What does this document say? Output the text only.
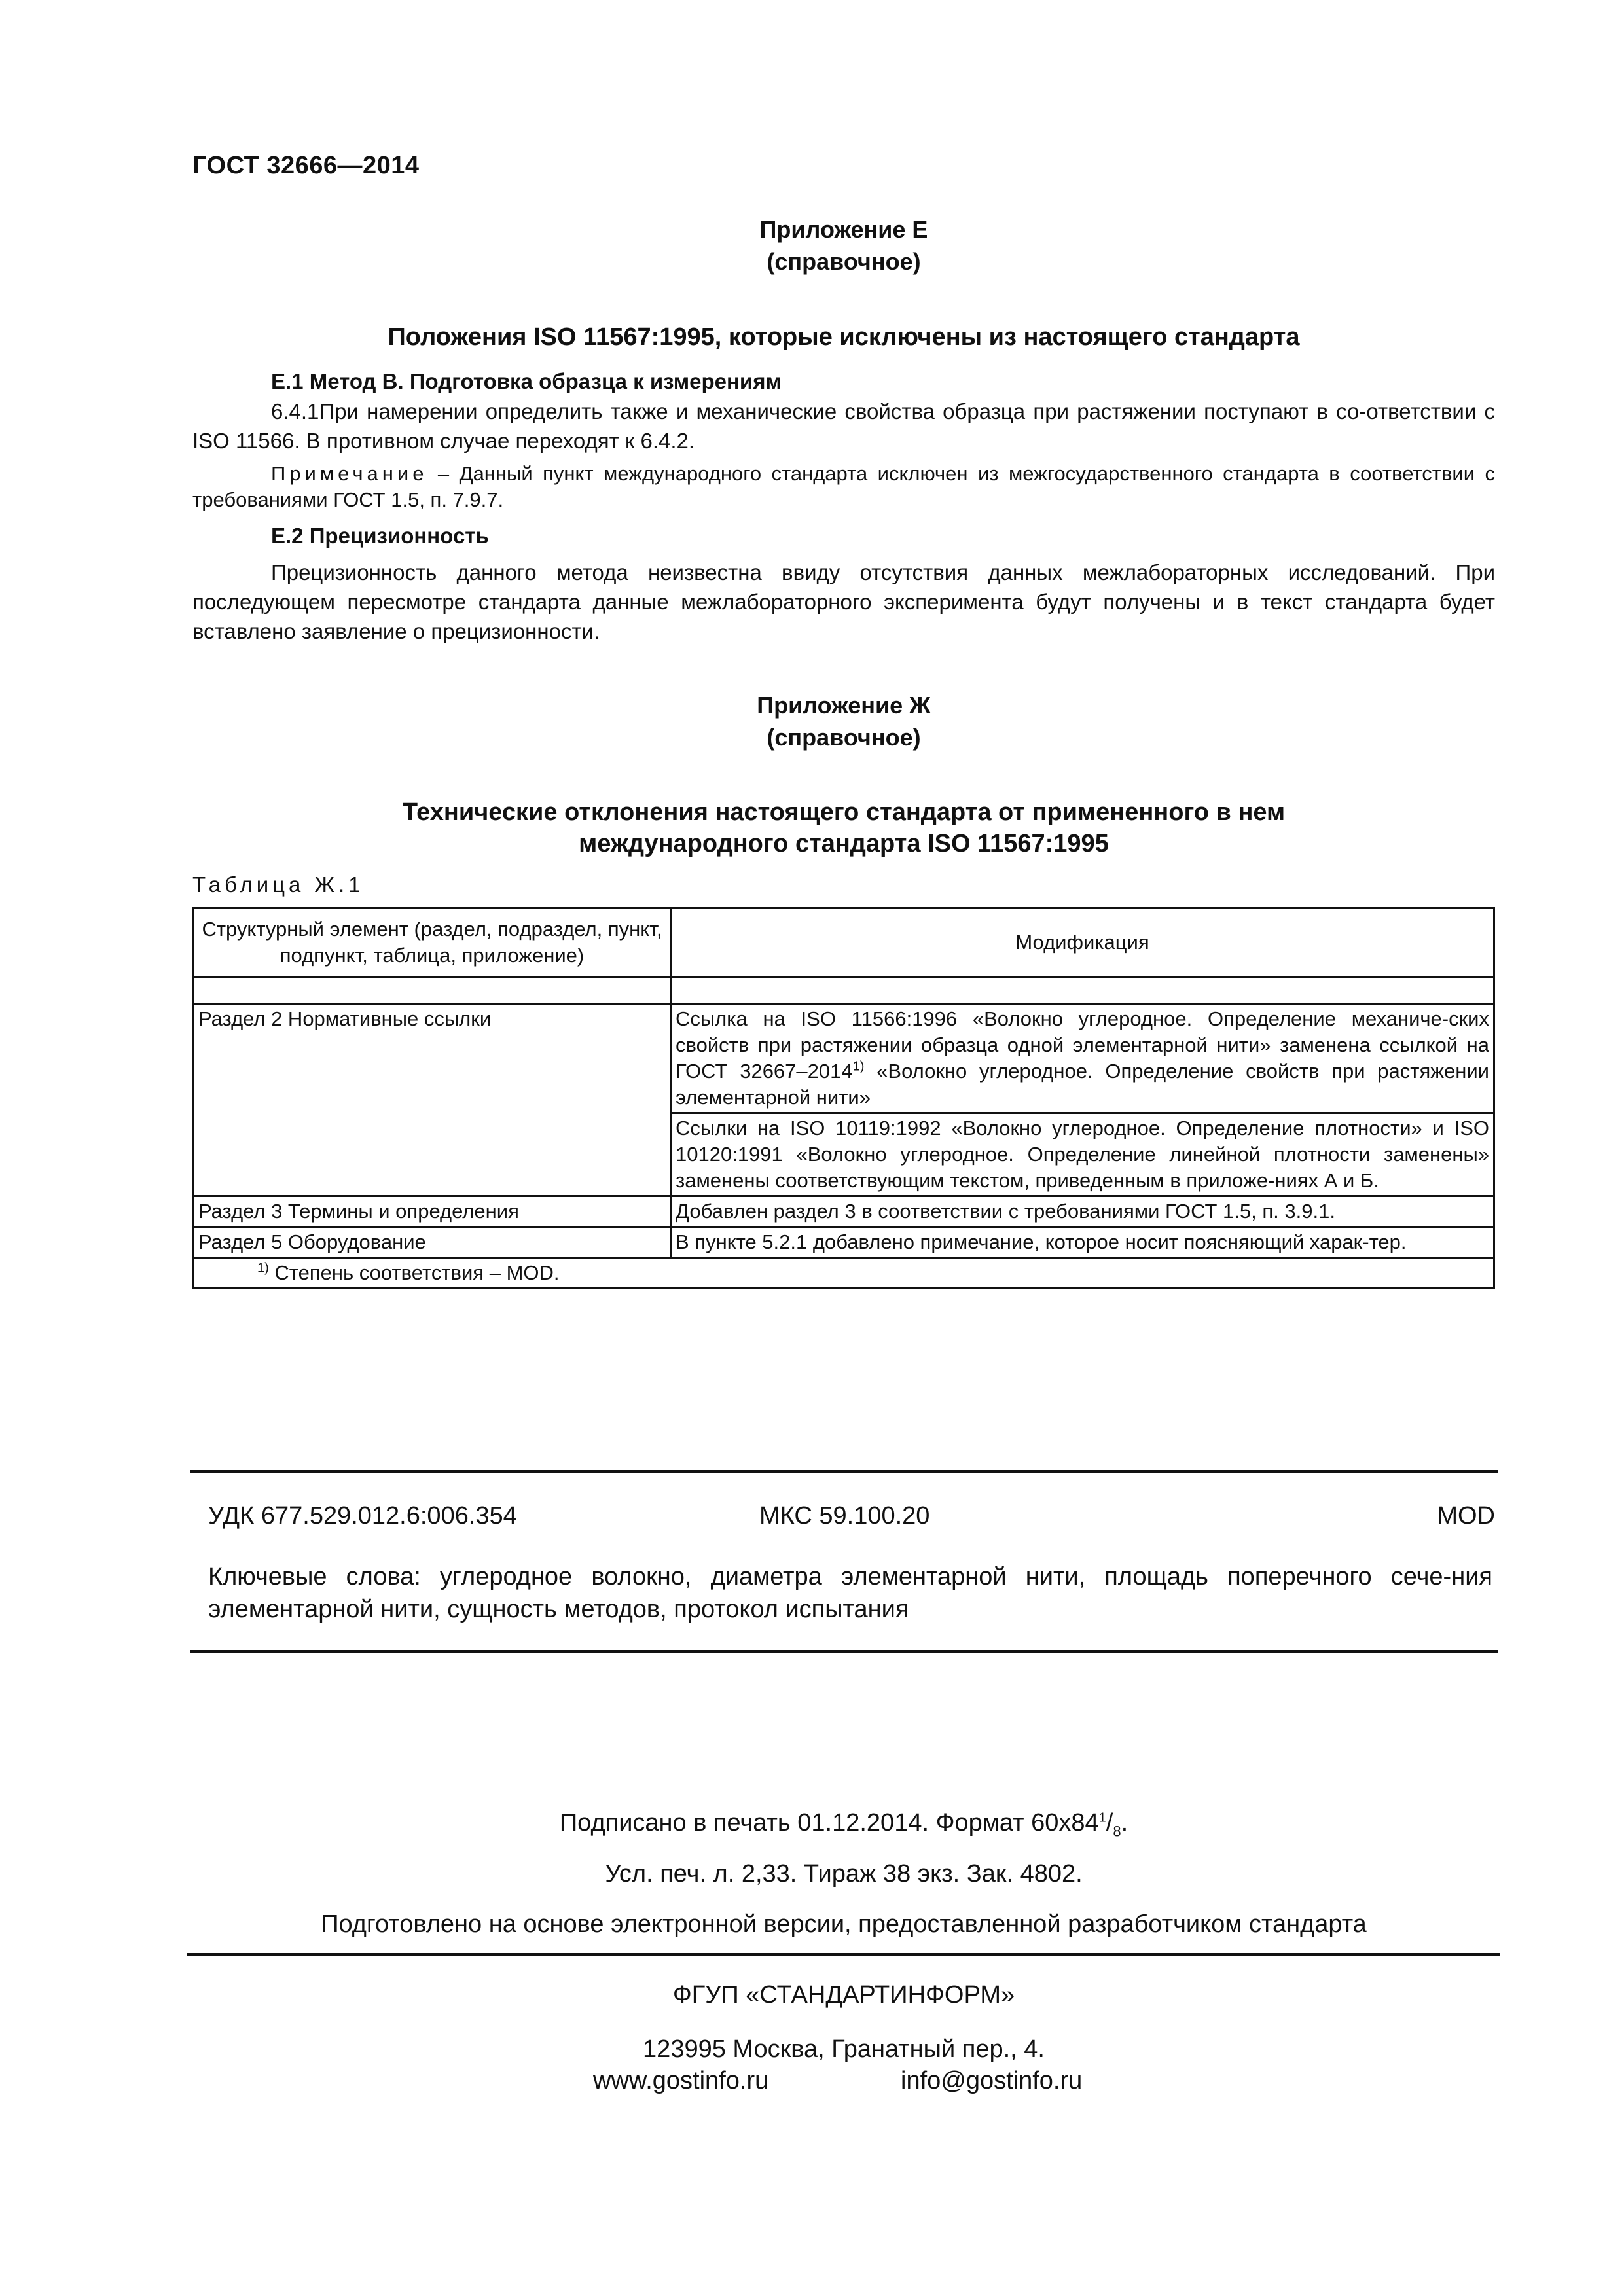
ГОСТ 32666—2014
Приложение Е
(справочное)
Положения ISO 11567:1995, которые исключены из настоящего стандарта
Е.1 Метод В. Подготовка образца к измерениям
6.4.1При намерении определить также и механические свойства образца при растяжении поступают в со-ответствии с ISO 11566. В противном случае переходят к 6.4.2.
Примечание – Данный пункт международного стандарта исключен из межгосударственного стандарта в соответствии с требованиями ГОСТ 1.5, п. 7.9.7.
Е.2 Прецизионность
Прецизионность данного метода неизвестна ввиду отсутствия данных межлабораторных исследований. При последующем пересмотре стандарта данные межлабораторного эксперимента будут получены и в текст стандарта будет вставлено заявление о прецизионности.
Приложение Ж
(справочное)
Технические отклонения настоящего стандарта от примененного в нем
международного стандарта ISO 11567:1995
Таблица Ж.1
Структурный элемент (раздел, подраздел, пункт, подпункт, таблица, приложение)	Модификация

Раздел 2 Нормативные ссылки	Ссылка на ISO 11566:1996 «Волокно углеродное. Определение механиче-ских свойств при растяжении образца одной элементарной нити» заменена ссылкой на ГОСТ 32667–2014$^{1)}$ «Волокно углеродное. Определение свойств при растяжении элементарной нити»
	Ссылки на ISO 10119:1992 «Волокно углеродное. Определение плотности» и ISO 10120:1991 «Волокно углеродное. Определение линейной плотности заменены» заменены соответствующим текстом, приведенным в приложе-ниях А и Б.
Раздел 3 Термины и определения	Добавлен раздел 3 в соответствии с требованиями ГОСТ 1.5, п. 3.9.1.
Раздел 5 Оборудование	В пункте 5.2.1 добавлено примечание, которое носит поясняющий харак-тер.
$^{1)}$ Степень соответствия – MOD.	
УДК 677.529.012.6:006.354	МКС 59.100.20	MOD
Ключевые слова: углеродное волокно, диаметра элементарной нити, площадь поперечного сече-ния элементарной нити, сущность методов, протокол испытания
Подписано в печать 01.12.2014. Формат $60х84^1/_8$.
Усл. печ. л. 2,33. Тираж 38 экз. Зак. 4802.
Подготовлено на основе электронной версии, предоставленной разработчиком стандарта
ФГУП «СТАНДАРТИНФОРМ»
123995 Москва, Гранатный пер., 4.
www.gostinfo.ru	info@gostinfo.ru
